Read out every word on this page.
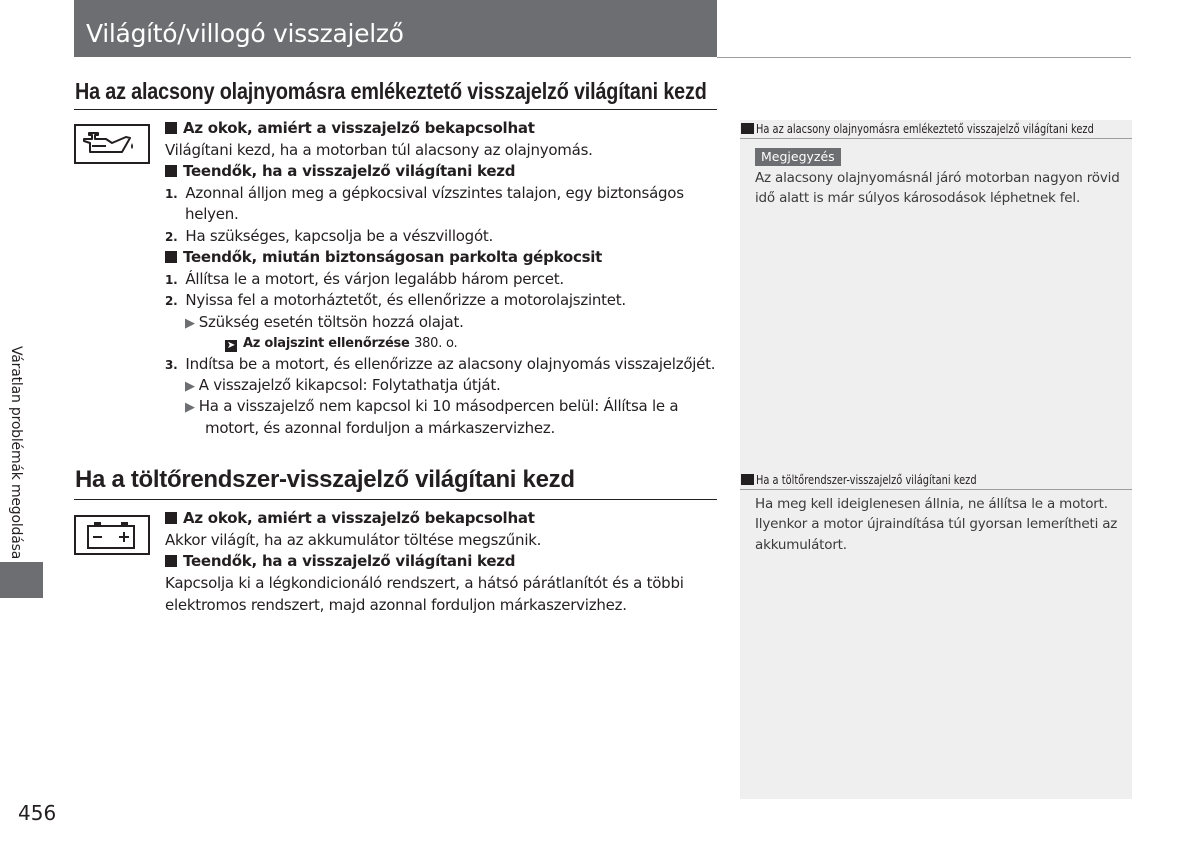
Világító/villogó visszajelző
Ha az alacsony olajnyomásra emlékeztető visszajelző világítani kezd
Az okok, amiért a visszajelző bekapcsolhat
Világítani kezd, ha a motorban túl alacsony az olajnyomás.
Teendők, ha a visszajelző világítani kezd
1. Azonnal álljon meg a gépkocsival vízszintes talajon, egy biztonságos
helyen.
2. Ha szükséges, kapcsolja be a vészvillogót.
Teendők, miután biztonságosan parkolta gépkocsit
1. Állítsa le a motort, és várjon legalább három percet.
2. Nyissa fel a motorháztetőt, és ellenőrizze a motorolajszintet.
▶ Szükség esetén töltsön hozzá olajat.
➤ Az olajszint ellenőrzése 380. o.
3. Indítsa be a motort, és ellenőrizze az alacsony olajnyomás visszajelzőjét.
▶ A visszajelző kikapcsol: Folytathatja útját.
▶ Ha a visszajelző nem kapcsol ki 10 másodpercen belül: Állítsa le a
motort, és azonnal forduljon a márkaszervizhez.
Ha a töltőrendszer-visszajelző világítani kezd
Az okok, amiért a visszajelző bekapcsolhat
Akkor világít, ha az akkumulátor töltése megszűnik.
Teendők, ha a visszajelző világítani kezd
Kapcsolja ki a légkondicionáló rendszert, a hátsó párátlanítót és a többi
elektromos rendszert, majd azonnal forduljon márkaszervizhez.
Ha az alacsony olajnyomásra emlékeztető visszajelző világítani kezd
Megjegyzés
Az alacsony olajnyomásnál járó motorban nagyon rövid
idő alatt is már súlyos károsodások léphetnek fel.
Ha a töltőrendszer-visszajelző világítani kezd
Ha meg kell ideiglenesen állnia, ne állítsa le a motort.
Ilyenkor a motor újraindítása túl gyorsan lemerítheti az
akkumulátort.
Váratlan problémák megoldása
456
